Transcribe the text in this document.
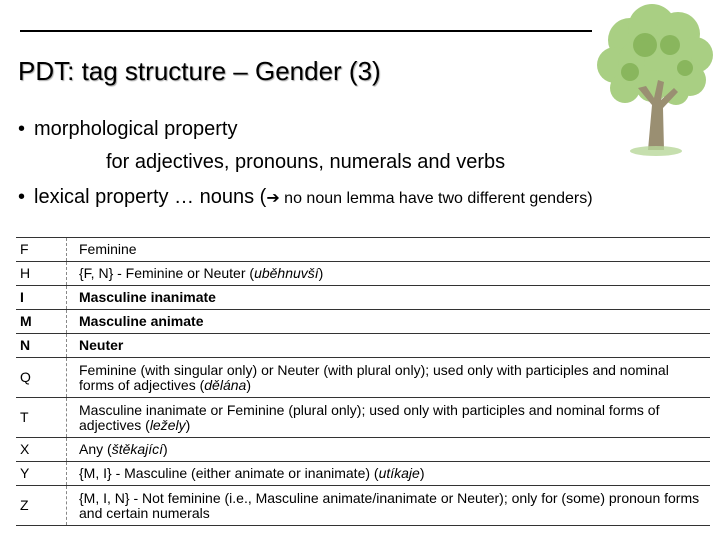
PDT: tag structure – Gender (3)
• morphological property
for adjectives, pronouns, numerals and verbs
• lexical property … nouns (➔ no noun lemma have two different genders)
F	Feminine
H	{F, N} - Feminine or Neuter (uběhnuvší)
I	Masculine inanimate
M	Masculine animate
N	Neuter
Q	Feminine (with singular only) or Neuter (with plural only); used only with participles and nominal forms of adjectives (dělána)
T	Masculine inanimate or Feminine (plural only); used only with participles and nominal forms of adjectives (ležely)
X	Any (štěkající)
Y	{M, I} - Masculine (either animate or inanimate) (utíkaje)
Z	{M, I, N} - Not feminine (i.e., Masculine animate/inanimate or Neuter); only for (some) pronoun forms and certain numerals
